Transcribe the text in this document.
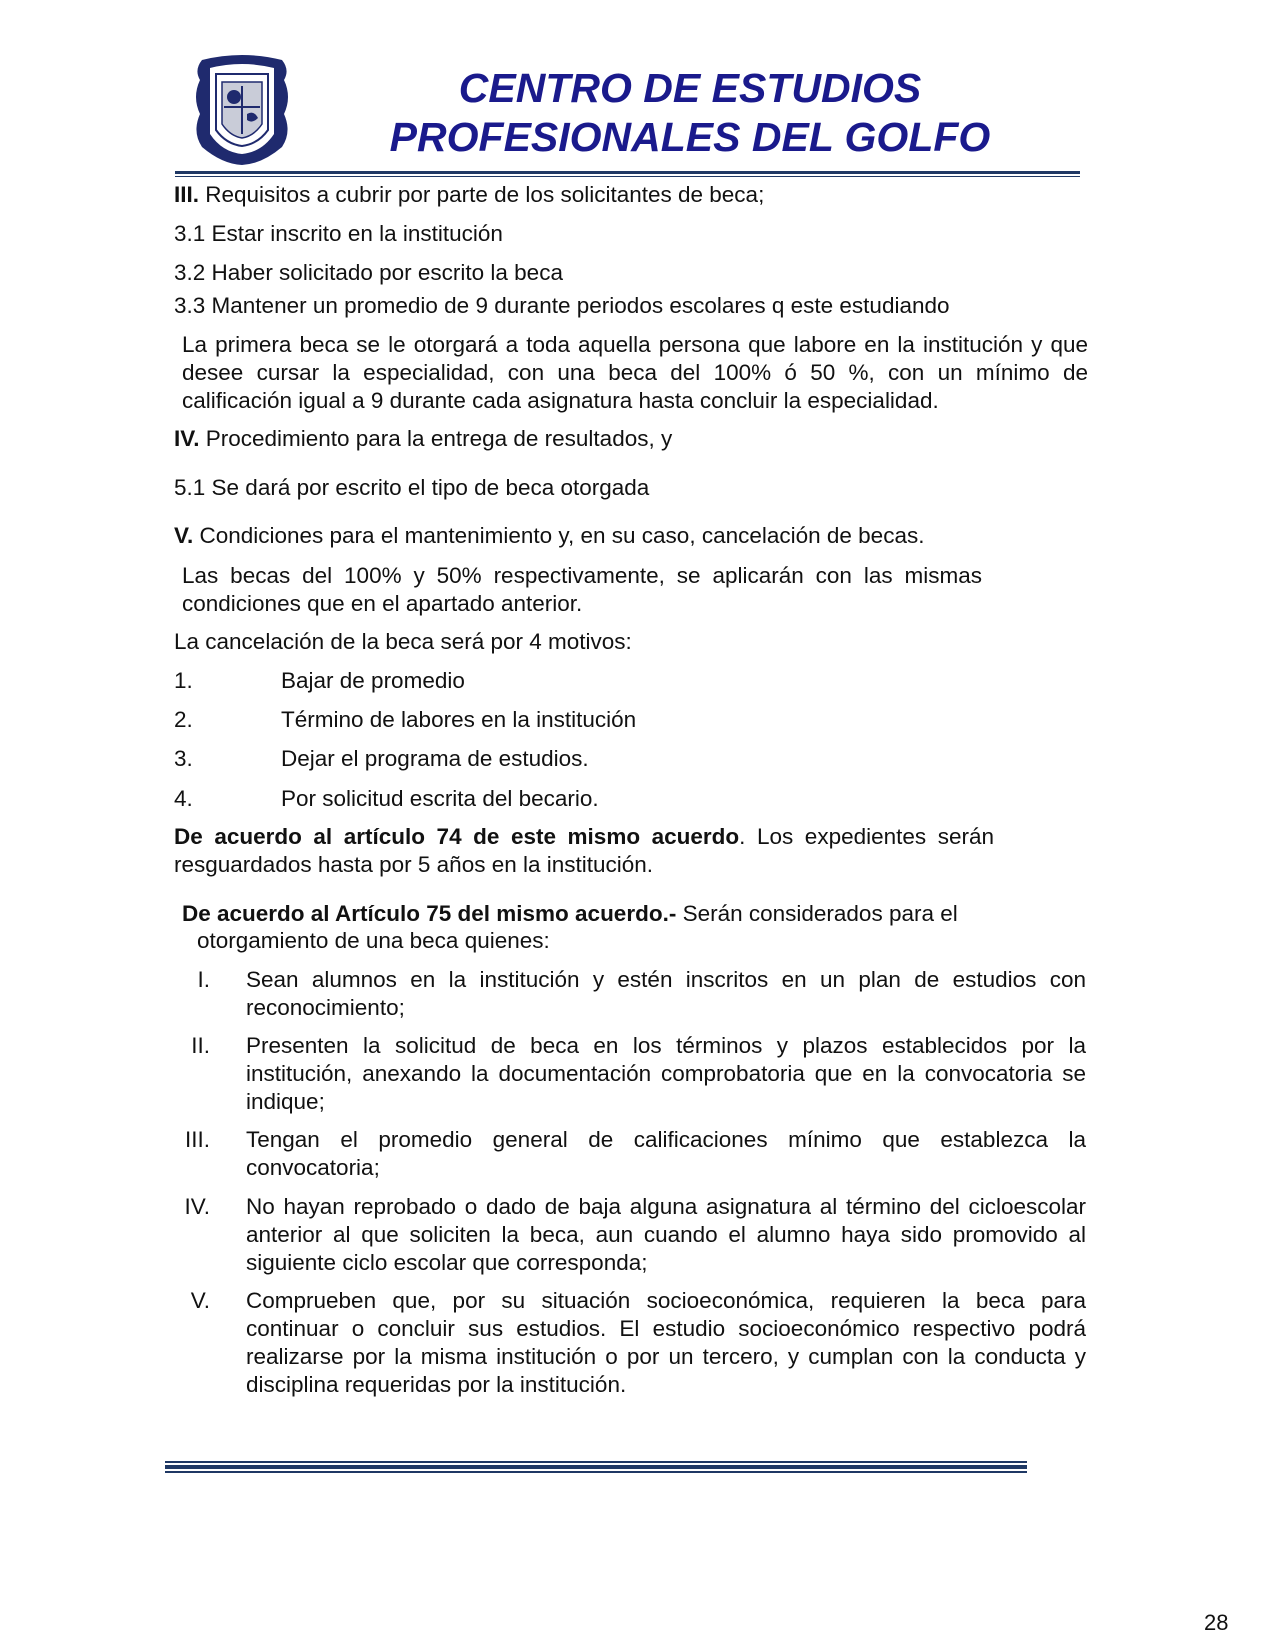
CENTRO DE ESTUDIOS
PROFESIONALES DEL GOLFO
III. Requisitos a cubrir por parte de los solicitantes de beca;
3.1 Estar inscrito en la institución
3.2 Haber solicitado por escrito la beca
3.3 Mantener un promedio de 9 durante periodos escolares q este estudiando
La primera beca se le otorgará a toda aquella persona que labore en la institución y que desee cursar la especialidad, con una beca del 100% ó 50 %, con un mínimo de calificación igual a 9 durante cada asignatura hasta concluir la especialidad.
IV. Procedimiento para la entrega de resultados, y
5.1 Se dará por escrito el tipo de beca otorgada
V. Condiciones para el mantenimiento y, en su caso, cancelación de becas.
Las becas del 100% y 50% respectivamente, se aplicarán con las mismas condiciones que en el apartado anterior.
La cancelación de la beca será por 4 motivos:
1.	Bajar de promedio
2.	Término de labores en la institución
3.	Dejar el programa de estudios.
4.	Por solicitud escrita del becario.
De acuerdo al artículo 74 de este mismo acuerdo. Los expedientes serán resguardados hasta por 5 años en la institución.
De acuerdo al Artículo 75 del mismo acuerdo.- Serán considerados para el
otorgamiento de una beca quienes:
I. Sean alumnos en la institución y estén inscritos en un plan de estudios con reconocimiento;
II. Presenten la solicitud de beca en los términos y plazos establecidos por la institución, anexando la documentación comprobatoria que en la convocatoria se indique;
III. Tengan el promedio general de calificaciones mínimo que establezca la convocatoria;
IV. No hayan reprobado o dado de baja alguna asignatura al término del cicloescolar anterior al que soliciten la beca, aun cuando el alumno haya sido promovido al siguiente ciclo escolar que corresponda;
V. Comprueben que, por su situación socioeconómica, requieren la beca para continuar o concluir sus estudios. El estudio socioeconómico respectivo podrá realizarse por la misma institución o por un tercero, y cumplan con la conducta y disciplina requeridas por la institución.
28
